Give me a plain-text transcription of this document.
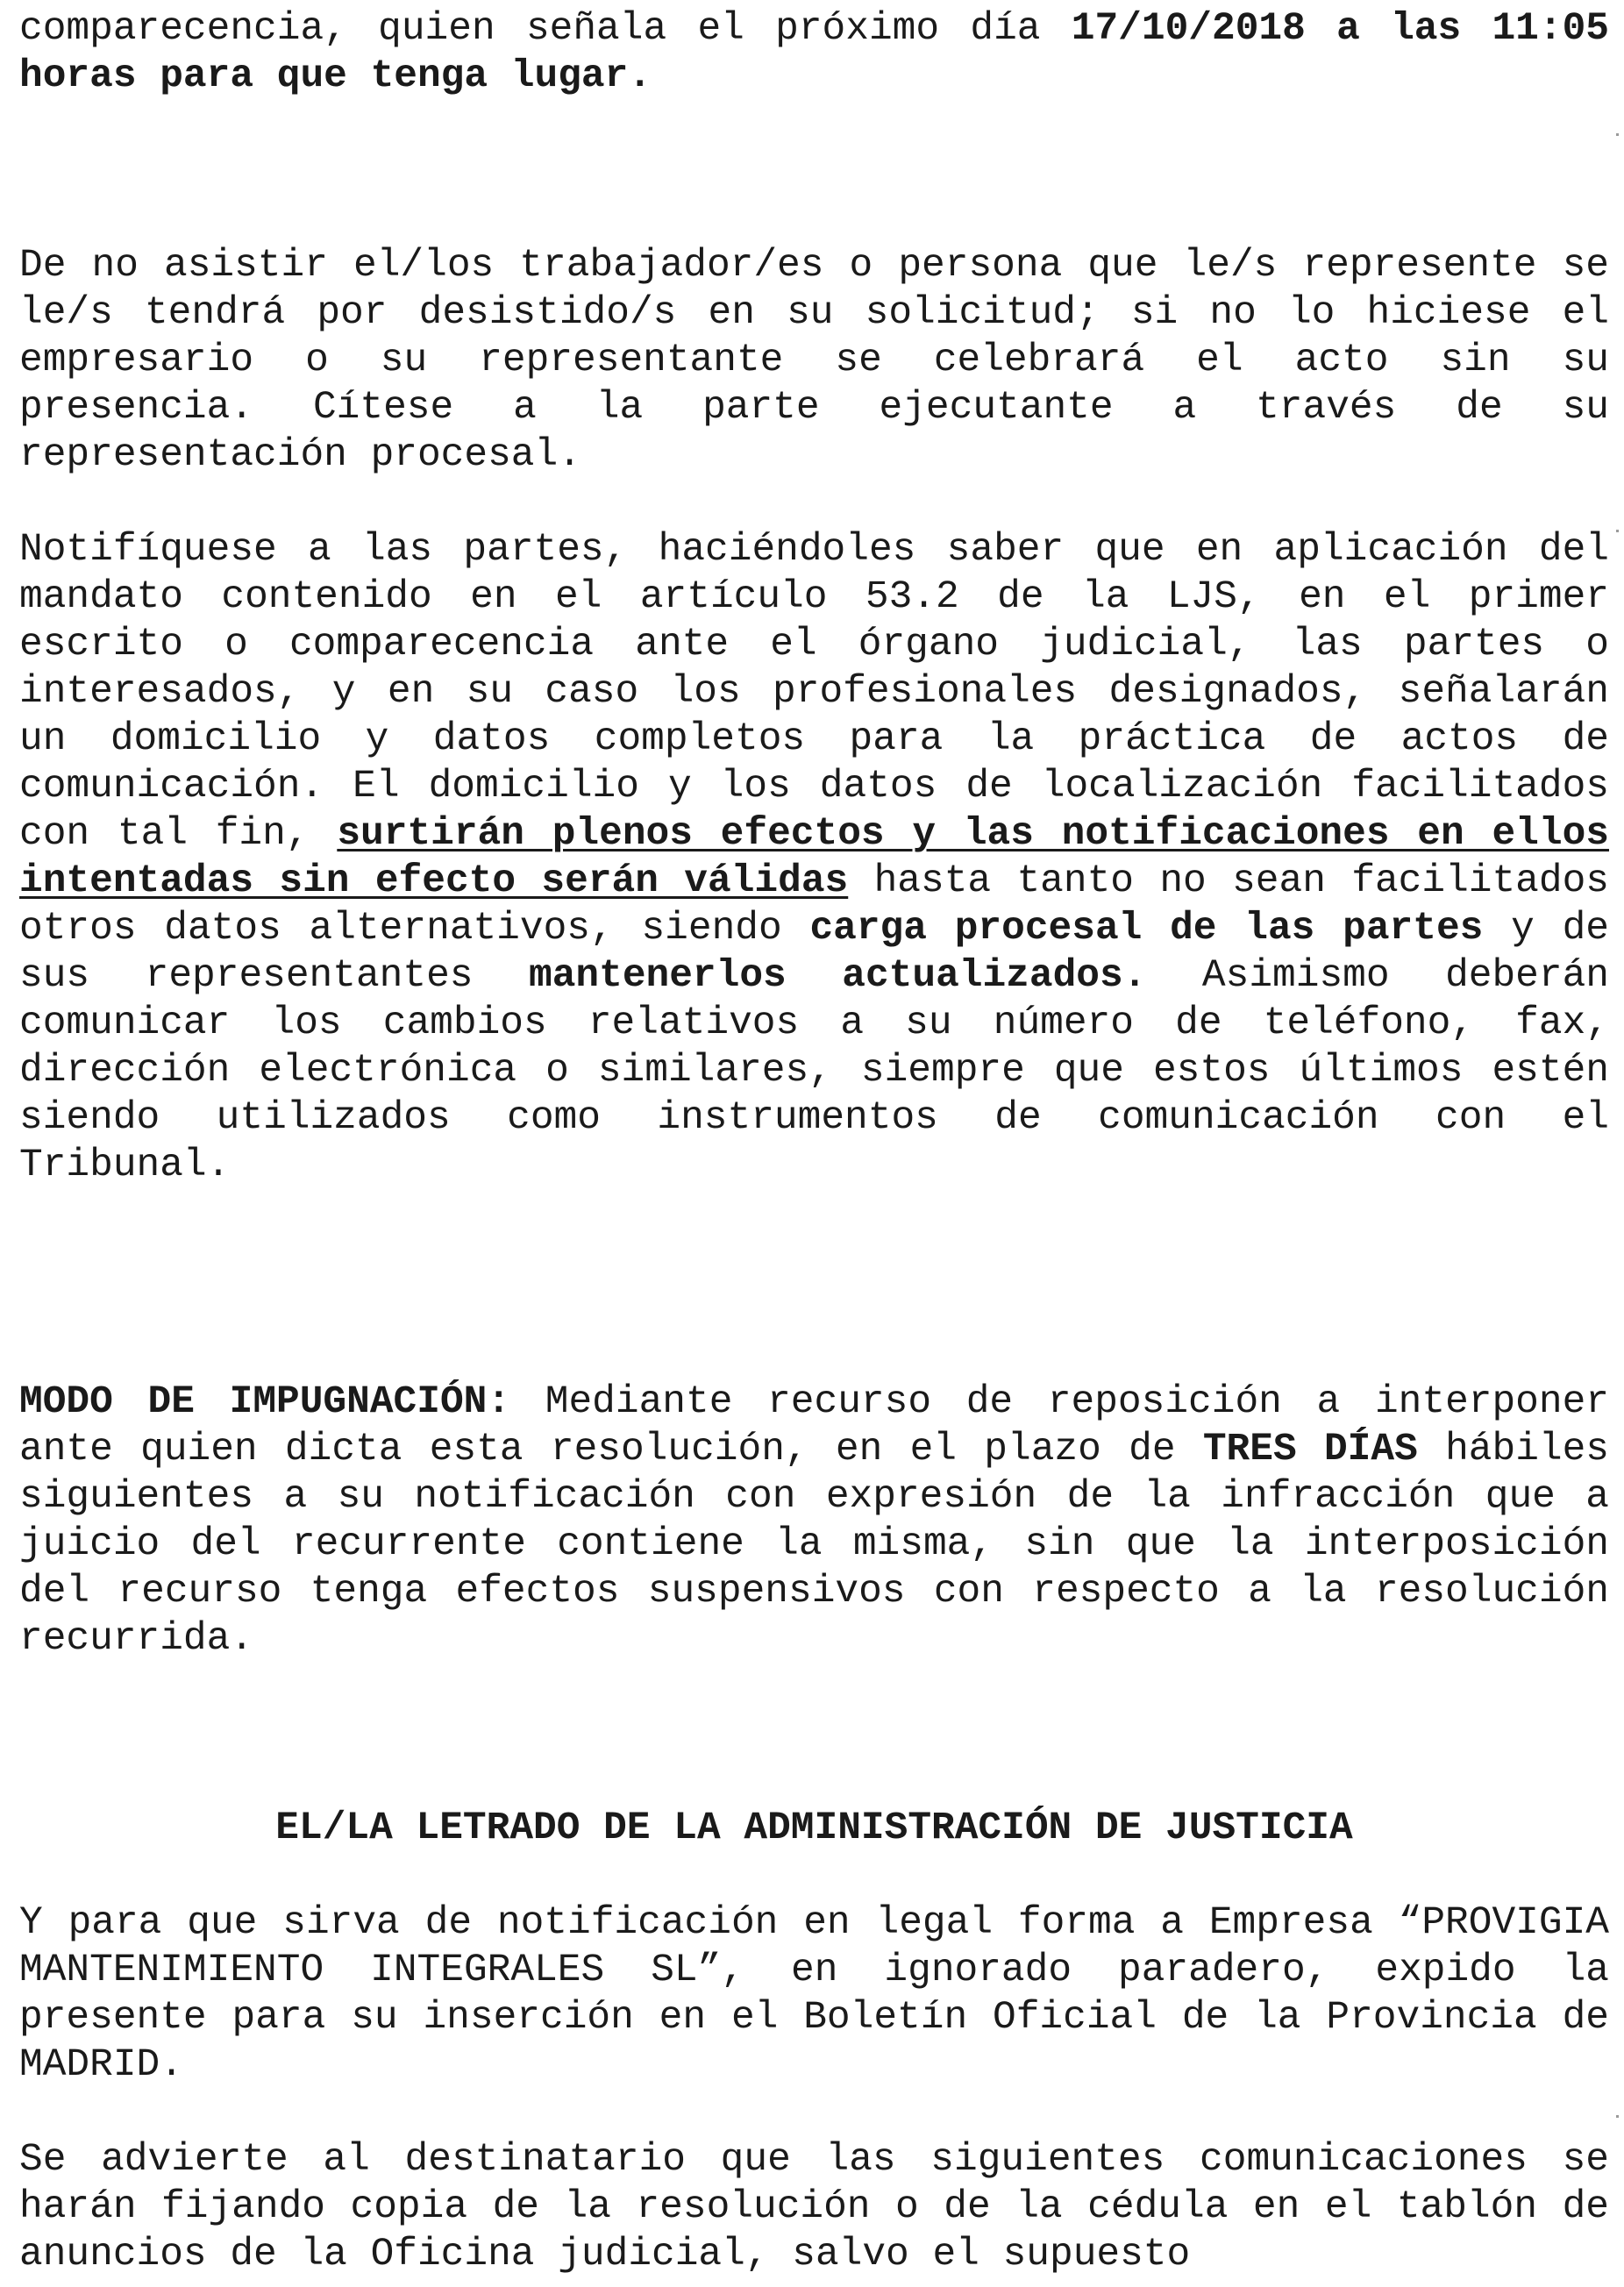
comparecencia, quien señala el próximo día 17/10/2018 a las 11:05 horas para que tenga lugar.

De no asistir el/los trabajador/es o persona que le/s represente se le/s tendrá por desistido/s en su solicitud; si no lo hiciese el empresario o su representante se celebrará el acto sin su presencia. Cítese a la parte ejecutante a través de su representación procesal.

Notifíquese a las partes, haciéndoles saber que en aplicación del mandato contenido en el artículo 53.2 de la LJS, en el primer escrito o comparecencia ante el órgano judicial, las partes o interesados, y en su caso los profesionales designados, señalarán un domicilio y datos completos para la práctica de actos de comunicación. El domicilio y los datos de localización facilitados con tal fin, surtirán plenos efectos y las notificaciones en ellos intentadas sin efecto serán válidas hasta tanto no sean facilitados otros datos alternativos, siendo carga procesal de las partes y de sus representantes mantenerlos actualizados. Asimismo deberán comunicar los cambios relativos a su número de teléfono, fax, dirección electrónica o similares, siempre que estos últimos estén siendo utilizados como instrumentos de comunicación con el Tribunal.

MODO DE IMPUGNACIÓN: Mediante recurso de reposición a interponer ante quien dicta esta resolución, en el plazo de TRES DÍAS hábiles siguientes a su notificación con expresión de la infracción que a juicio del recurrente contiene la misma, sin que la interposición del recurso tenga efectos suspensivos con respecto a la resolución recurrida.

EL/LA LETRADO DE LA ADMINISTRACIÓN DE JUSTICIA

Y para que sirva de notificación en legal forma a Empresa “PROVIGIA MANTENIMIENTO INTEGRALES SL”, en ignorado paradero, expido la presente para su inserción en el Boletín Oficial de la Provincia de MADRID.

Se advierte al destinatario que las siguientes comunicaciones se harán fijando copia de la resolución o de la cédula en el tablón de anuncios de la Oficina judicial, salvo el supuesto
